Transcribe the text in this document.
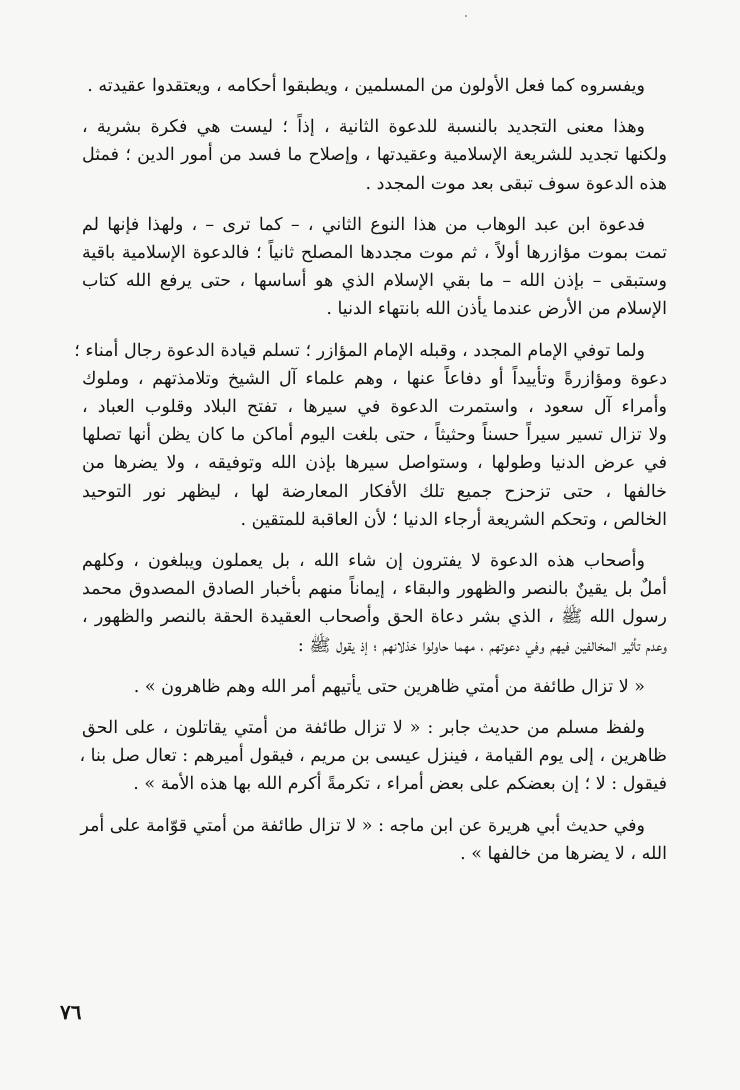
ويفسروه كما فعل الأولون من المسلمين ، ويطبقوا أحكامه ، ويعتقدوا عقيدته .
وهذا معنى التجديد بالنسبة للدعوة الثانية ، إذاً ؛ ليست هي فكرة بشرية ،
ولكنها تجديد للشريعة الإسلامية وعقيدتها ، وإصلاح ما فسد من أمور الدين ؛ فمثل
هذه الدعوة سوف تبقى بعد موت المجدد .
فدعوة ابن عبد الوهاب من هذا النوع الثاني ، – كما ترى – ، ولهذا فإنها لم
تمت بموت مؤازرها أولاً ، ثم موت مجددها المصلح ثانياً ؛ فالدعوة الإسلامية باقية
وستبقى – بإذن الله – ما بقي الإسلام الذي هو أساسها ، حتى يرفع الله كتاب
الإسلام من الأرض عندما يأذن الله بانتهاء الدنيا .
ولما توفي الإمام المجدد ، وقبله الإمام المؤازر ؛ تسلم قيادة الدعوة رجال أمناء ؛
دعوة ومؤازرةً وتأييداً أو دفاعاً عنها ، وهم علماء آل الشيخ وتلامذتهم ، وملوك
وأمراء آل سعود ، واستمرت الدعوة في سيرها ، تفتح البلاد وقلوب العباد ،
ولا تزال تسير سيراً حسناً وحثيثاً ، حتى بلغت اليوم أماكن ما كان يظن أنها تصلها
في عرض الدنيا وطولها ، وستواصل سيرها بإذن الله وتوفيقه ، ولا يضرها من
خالفها ، حتى تزحزح جميع تلك الأفكار المعارضة لها ، ليظهر نور التوحيد
الخالص ، وتحكم الشريعة أرجاء الدنيا ؛ لأن العاقبة للمتقين .
وأصحاب هذه الدعوة لا يفترون إن شاء الله ، بل يعملون ويبلغون ، وكلهم
أملٌ بل يقينٌ بالنصر والظهور والبقاء ، إيماناً منهم بأخبار الصادق المصدوق محمد
رسول الله ﷺ ، الذي بشر دعاة الحق وأصحاب العقيدة الحقة بالنصر والظهور ،
وعدم تأثير المخالفين فيهم وفي دعوتهم ، مهما حاولوا خذلانهم ؛ إذ يقول ﷺ :
« لا تزال طائفة من أمتي ظاهرين حتى يأتيهم أمر الله وهم ظاهرون » .
ولفظ مسلم من حديث جابر : « لا تزال طائفة من أمتي يقاتلون ، على الحق
ظاهرين ، إلى يوم القيامة ، فينزل عيسى بن مريم ، فيقول أميرهم : تعال صل بنا ،
فيقول : لا ؛ إن بعضكم على بعض أمراء ، تكرمةً أكرم الله بها هذه الأمة » .
وفي حديث أبي هريرة عن ابن ماجه : « لا تزال طائفة من أمتي قوّامة على أمر
الله ، لا يضرها من خالفها » .
٧٦
